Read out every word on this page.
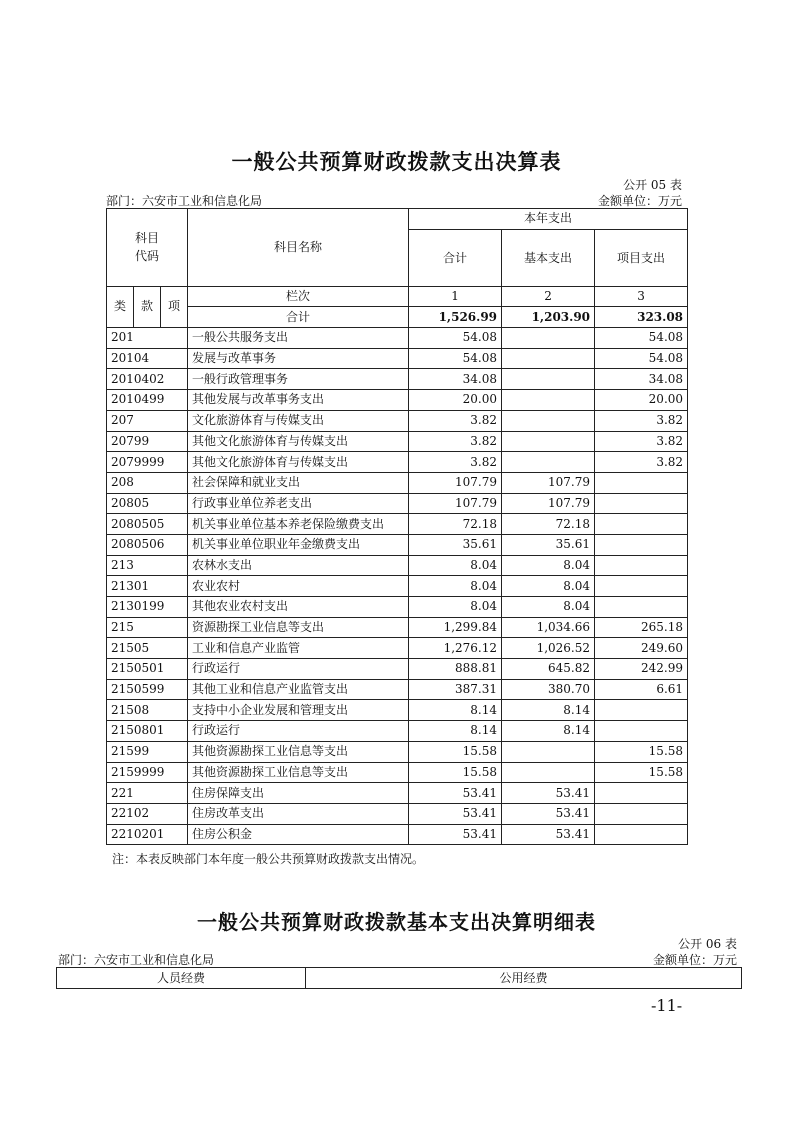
一般公共预算财政拨款支出决算表
公开 05 表
部门：六安市工业和信息化局	金额单位：万元
科目
代码			科目名称	本年支出		
				合计	基本支出	项目支出
类	款	项	栏次	1	2	3
			合计	1,526.99	1,203.90	323.08
201			一般公共服务支出	54.08		54.08
20104			发展与改革事务	54.08		54.08
2010402			一般行政管理事务	34.08		34.08
2010499			其他发展与改革事务支出	20.00		20.00
207			文化旅游体育与传媒支出	3.82		3.82
20799			其他文化旅游体育与传媒支出	3.82		3.82
2079999			其他文化旅游体育与传媒支出	3.82		3.82
208			社会保障和就业支出	107.79	107.79	
20805			行政事业单位养老支出	107.79	107.79	
2080505			机关事业单位基本养老保险缴费支出	72.18	72.18	
2080506			机关事业单位职业年金缴费支出	35.61	35.61	
213			农林水支出	8.04	8.04	
21301			农业农村	8.04	8.04	
2130199			其他农业农村支出	8.04	8.04	
215			资源勘探工业信息等支出	1,299.84	1,034.66	265.18
21505			工业和信息产业监管	1,276.12	1,026.52	249.60
2150501			行政运行	888.81	645.82	242.99
2150599			其他工业和信息产业监管支出	387.31	380.70	6.61
21508			支持中小企业发展和管理支出	8.14	8.14	
2150801			行政运行	8.14	8.14	
21599			其他资源勘探工业信息等支出	15.58		15.58
2159999			其他资源勘探工业信息等支出	15.58		15.58
221			住房保障支出	53.41	53.41	
22102			住房改革支出	53.41	53.41	
2210201			住房公积金	53.41	53.41	
注：本表反映部门本年度一般公共预算财政拨款支出情况。
一般公共预算财政拨款基本支出决算明细表
公开 06 表
部门：六安市工业和信息化局	金额单位：万元
人员经费	公用经费
-11-
